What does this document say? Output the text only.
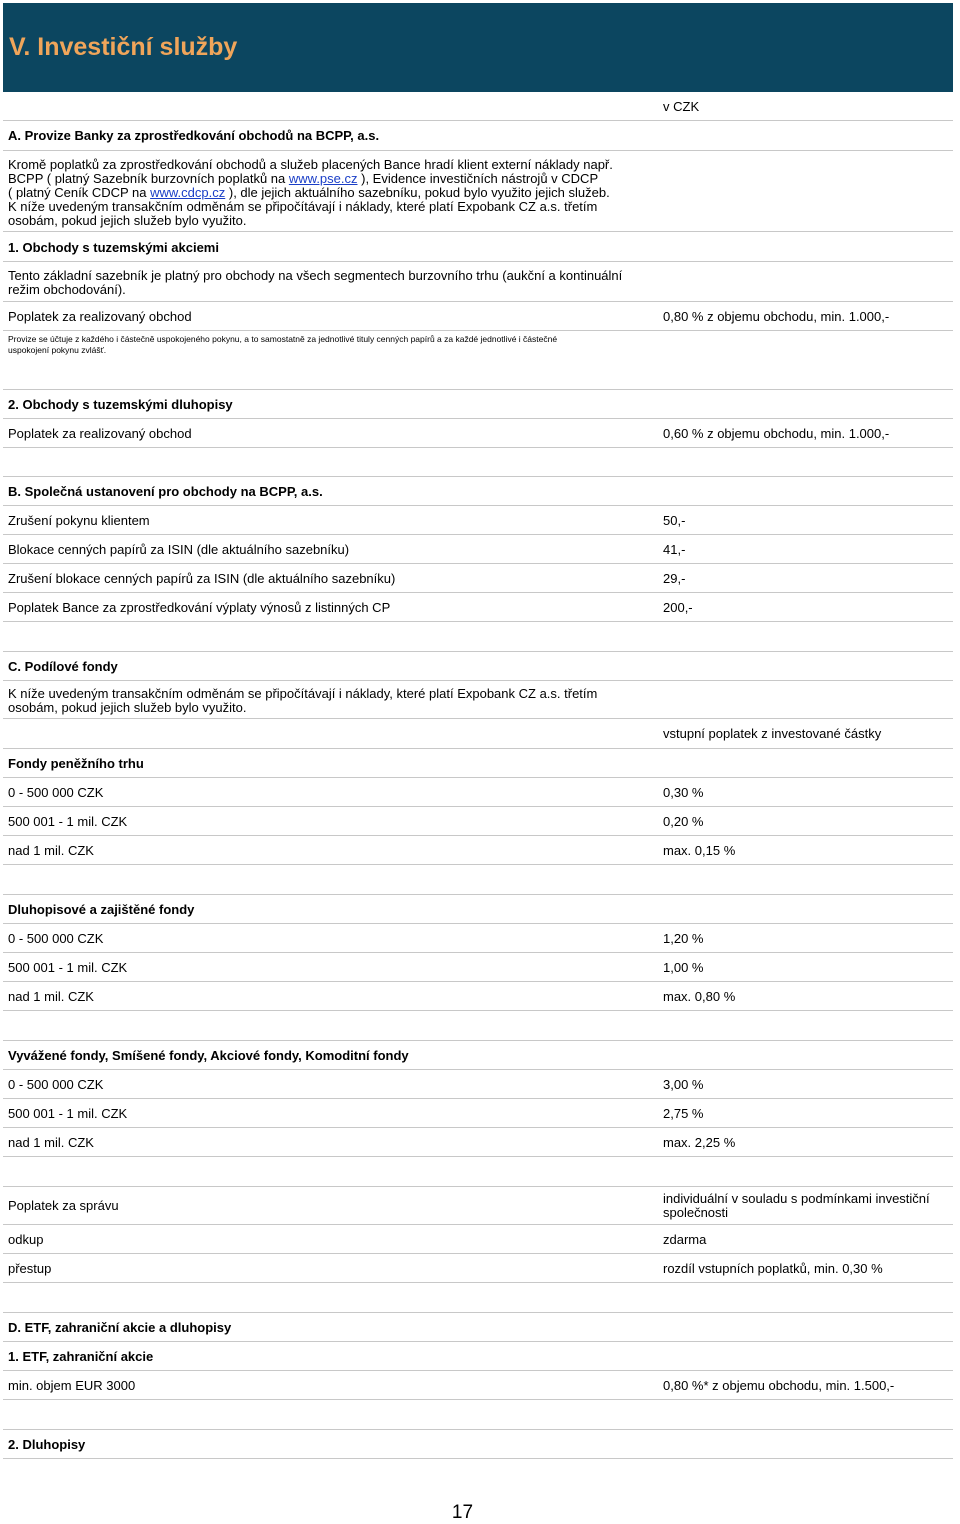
V. Investiční služby
v CZK
A. Provize Banky za zprostředkování obchodů na BCPP, a.s.
Kromě poplatků za zprostředkování obchodů a služeb placených Bance hradí klient externí náklady např.
BCPP ( platný Sazebník burzovních poplatků na www.pse.cz ), Evidence investičních nástrojů v CDCP
( platný Ceník CDCP na www.cdcp.cz ), dle jejich aktuálního sazebníku, pokud bylo využito jejich služeb.
K níže uvedeným transakčním odměnám se připočítávají i náklady, které platí Expobank CZ a.s. třetím
osobám, pokud jejich služeb bylo využito.
1. Obchody s tuzemskými akciemi
Tento základní sazebník je platný pro obchody na všech segmentech burzovního trhu (aukční a kontinuální
režim obchodování).
Poplatek za realizovaný obchod	0,80 % z objemu obchodu, min. 1.000,-
Provize se účtuje z každého i částečně uspokojeného pokynu, a to samostatně za jednotlivé tituly cenných papírů a za každé jednotlivé i částečné
uspokojení pokynu zvlášť.
2. Obchody s tuzemskými dluhopisy
Poplatek za realizovaný obchod	0,60 % z objemu obchodu, min. 1.000,-
B. Společná ustanovení pro obchody na BCPP, a.s.
Zrušení pokynu klientem	50,-
Blokace cenných papírů za ISIN (dle aktuálního sazebníku)	41,-
Zrušení blokace cenných papírů za ISIN (dle aktuálního sazebníku)	29,-
Poplatek Bance za zprostředkování výplaty výnosů z listinných CP	200,-
C. Podílové fondy
K níže uvedeným transakčním odměnám se připočítávají i náklady, které platí Expobank CZ a.s. třetím
osobám, pokud jejich služeb bylo využito.
vstupní poplatek z investované částky
Fondy peněžního trhu
0 - 500 000 CZK	0,30 %
500 001 - 1 mil. CZK	0,20 %
nad 1 mil. CZK	max. 0,15 %
Dluhopisové a zajištěné fondy
0 - 500 000 CZK	1,20 %
500 001 - 1 mil. CZK	1,00 %
nad 1 mil. CZK	max. 0,80 %
Vyvážené fondy, Smíšené fondy, Akciové fondy, Komoditní fondy
0 - 500 000 CZK	3,00 %
500 001 - 1 mil. CZK	2,75 %
nad 1 mil. CZK	max. 2,25 %
Poplatek za správu	individuální v souladu s podmínkami investiční
společnosti
odkup	zdarma
přestup	rozdíl vstupních poplatků, min. 0,30 %
D. ETF, zahraniční akcie a dluhopisy
1. ETF, zahraniční akcie
min. objem EUR 3000	0,80 %* z objemu obchodu, min. 1.500,-
2. Dluhopisy
17
